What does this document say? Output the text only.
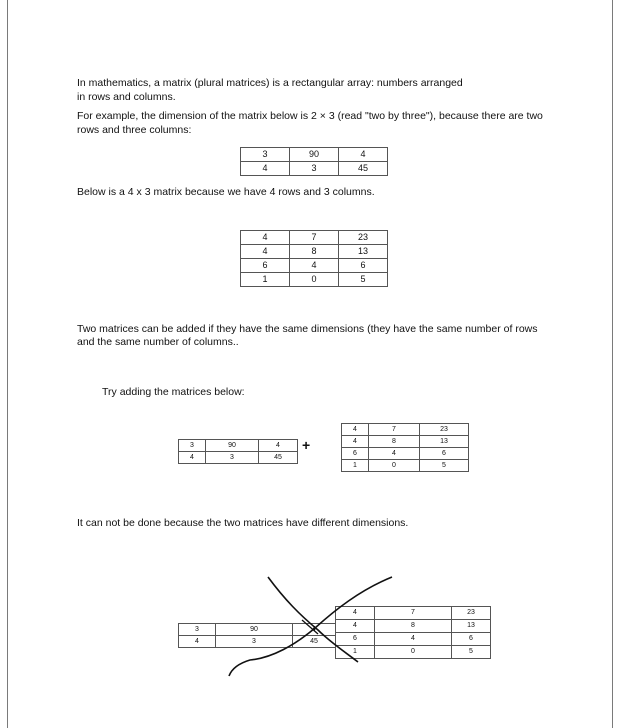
In mathematics, a matrix (plural matrices) is a rectangular array: numbers arranged

in rows and columns.

For example, the dimension of the matrix below is 2 × 3 (read "two by three"), because there are two

rows and three columns:

3	90	4
4	3	45

Below is a 4 x 3 matrix because we have 4 rows and 3 columns.

4	7	23
4	8	13
6	4	6
1	0	5

Two matrices can be added if they have the same dimensions (they have the same number of rows

and the same number of columns..

Try adding the matrices below:

3	90	4
4	3	45
+
4	7	23
4	8	13
6	4	6
1	0	5

It can not be done because the two matrices have different dimensions.

3	90	4
4	3	45
4	7	23
4	8	13
6	4	6
1	0	5
